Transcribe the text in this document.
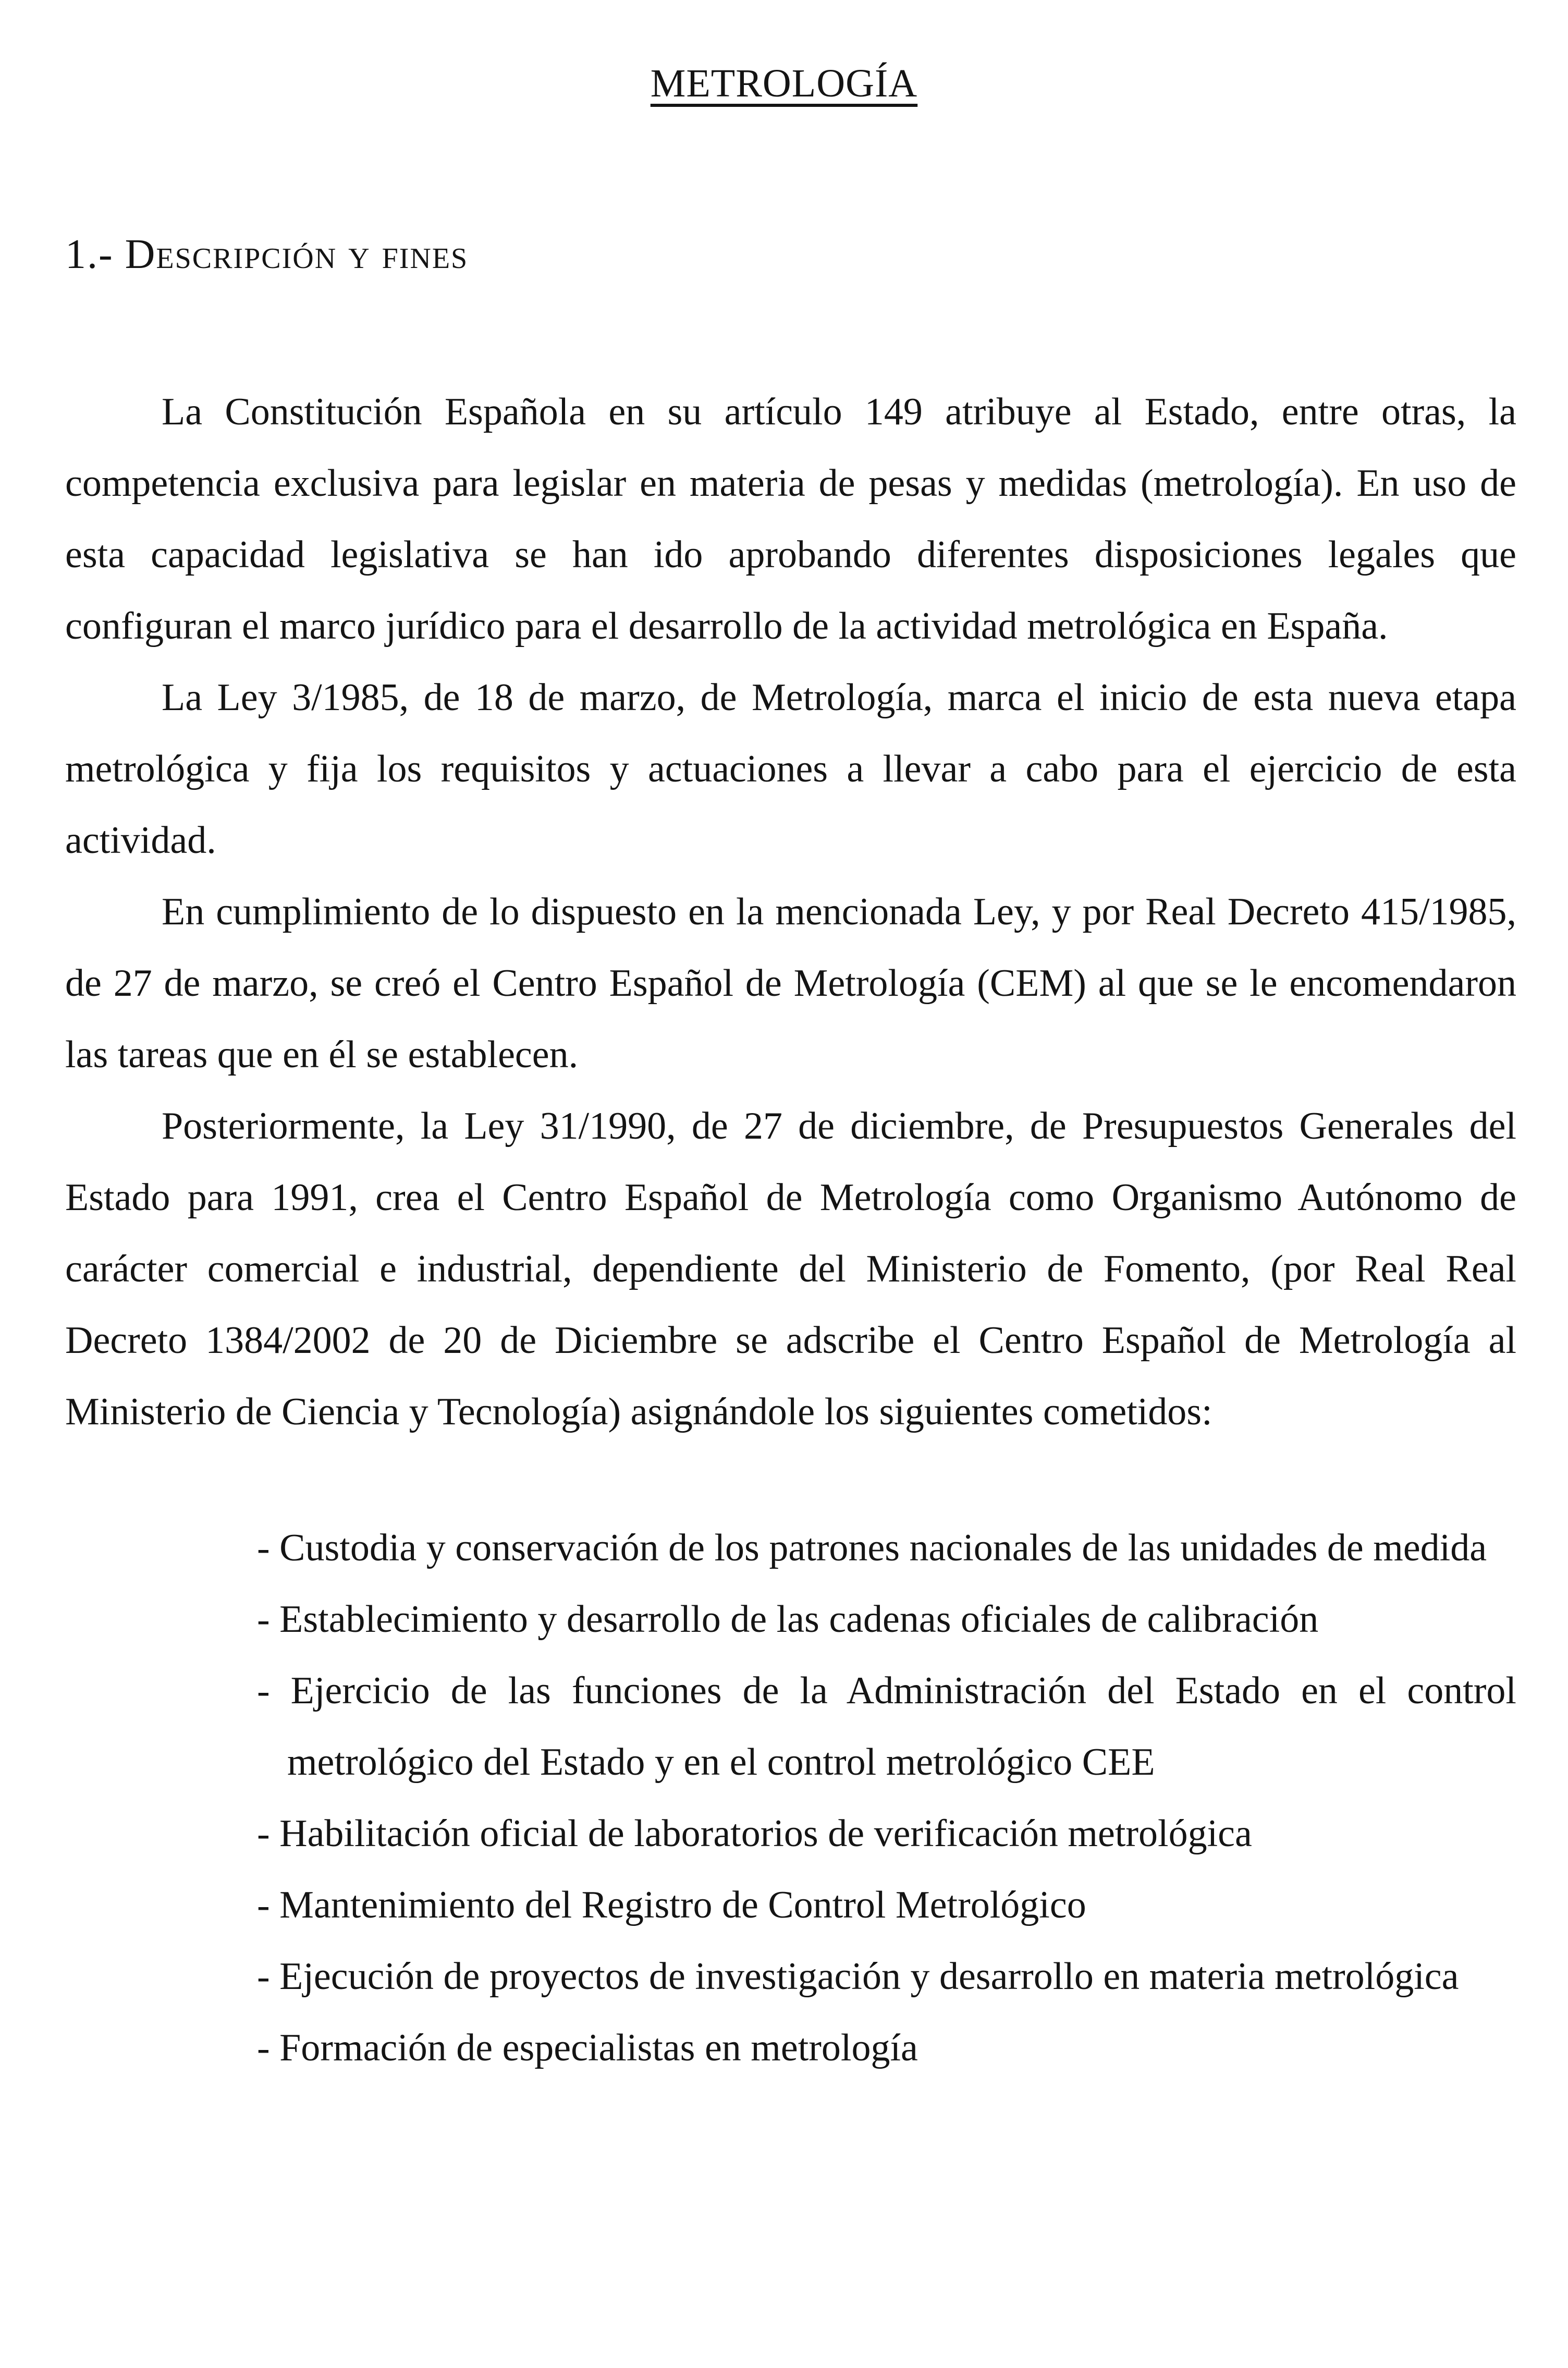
METROLOGÍA
1.- Descripción y fines

La Constitución Española en su artículo 149 atribuye al Estado, entre otras, la competencia exclusiva para legislar en materia de pesas y medidas (metrología). En uso de esta capacidad legislativa se han ido aprobando diferentes disposiciones legales que configuran el marco jurídico para el desarrollo de la actividad metrológica en España.

La Ley 3/1985, de 18 de marzo, de Metrología, marca el inicio de esta nueva etapa metrológica y fija los requisitos y actuaciones a llevar a cabo para el ejercicio de esta actividad.

En cumplimiento de lo dispuesto en la mencionada Ley, y por Real Decreto 415/1985, de 27 de marzo, se creó el Centro Español de Metrología (CEM) al que se le encomendaron las tareas que en él se establecen.

Posteriormente, la Ley 31/1990, de 27 de diciembre, de Presupuestos Generales del Estado para 1991, crea el Centro Español de Metrología como Organismo Autónomo de carácter comercial e industrial, dependiente del Ministerio de Fomento, (por Real Real Decreto 1384/2002 de 20 de Diciembre se adscribe el Centro Español de Metrología al Ministerio de Ciencia y Tecnología) asignándole los siguientes cometidos:

- Custodia y conservación de los patrones nacionales de las unidades de medida
- Establecimiento y desarrollo de las cadenas oficiales de calibración
- Ejercicio de las funciones de la Administración del Estado en el control metrológico del Estado y en el control metrológico CEE
- Habilitación oficial de laboratorios de verificación metrológica
- Mantenimiento del Registro de Control Metrológico
- Ejecución de proyectos de investigación y desarrollo en materia metrológica
- Formación de especialistas en metrología
